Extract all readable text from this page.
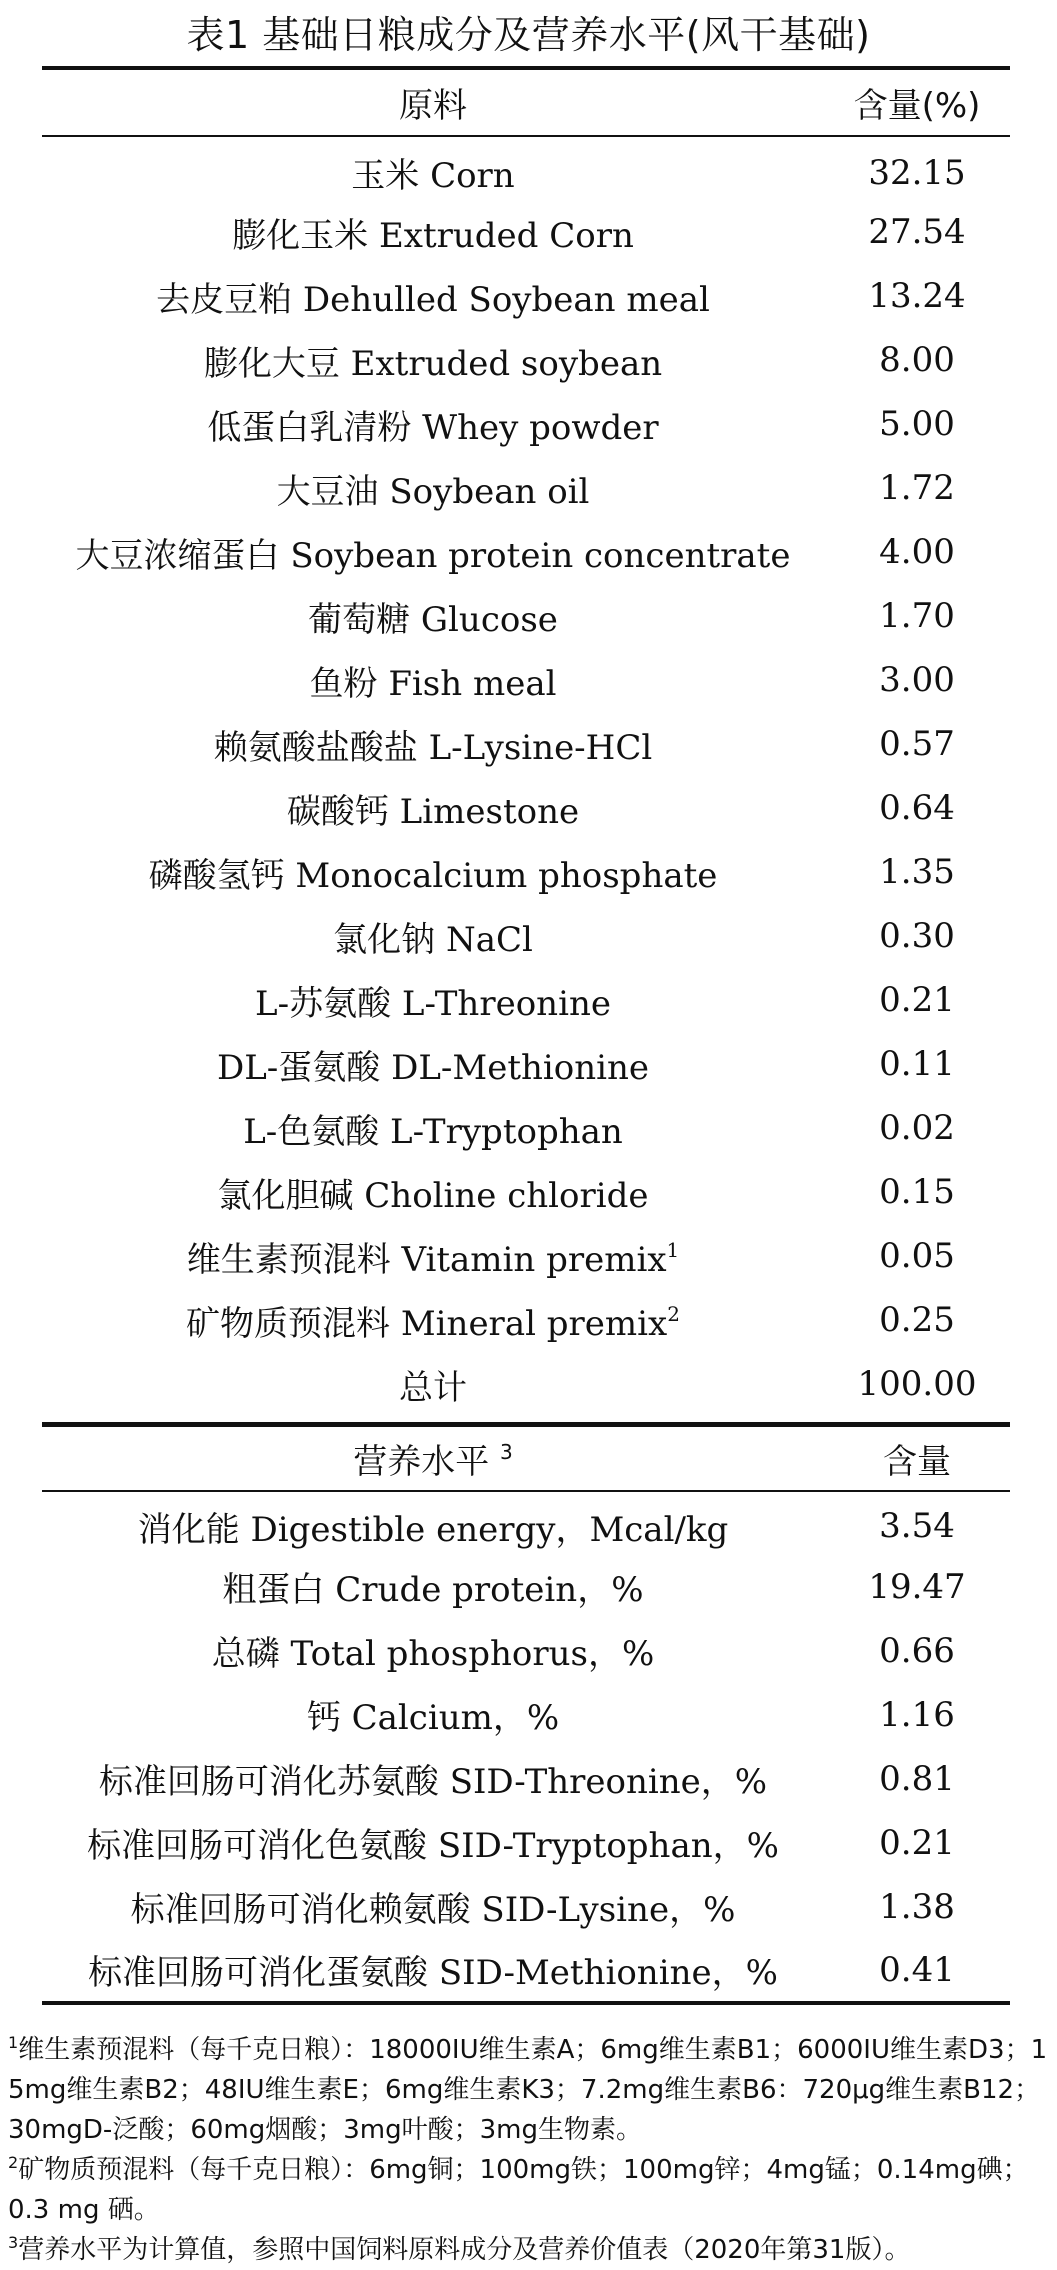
表1 基础日粮成分及营养水平(风干基础)
原料	含量(%)
玉米 Corn	32.15
膨化玉米 Extruded Corn	27.54
去皮豆粕 Dehulled Soybean meal	13.24
膨化大豆 Extruded soybean	8.00
低蛋白乳清粉 Whey powder	5.00
大豆油 Soybean oil	1.72
大豆浓缩蛋白 Soybean protein concentrate	4.00
葡萄糖 Glucose	1.70
鱼粉 Fish meal	3.00
赖氨酸盐酸盐 L-Lysine-HCl	0.57
碳酸钙 Limestone	0.64
磷酸氢钙 Monocalcium phosphate	1.35
氯化钠 NaCl	0.30
L-苏氨酸 L-Threonine	0.21
DL-蛋氨酸 DL-Methionine	0.11
L-色氨酸 L-Tryptophan	0.02
氯化胆碱 Choline chloride	0.15
维生素预混料 Vitamin premix$^1$	0.05
矿物质预混料 Mineral premix$^2$	0.25
总计	100.00
营养水平 $^3$	含量
消化能 Digestible energy，Mcal/kg	3.54
粗蛋白 Crude protein，%	19.47
总磷 Total phosphorus，%	0.66
钙 Calcium，%	1.16
标准回肠可消化苏氨酸 SID-Threonine，%	0.81
标准回肠可消化色氨酸 SID-Tryptophan，%	0.21
标准回肠可消化赖氨酸 SID-Lysine，%	1.38
标准回肠可消化蛋氨酸 SID-Methionine，%	0.41

$^1$维生素预混料（每千克日粮）：18000IU维生素A；6mg维生素B1；6000IU维生素D3；15mg维生素B2；48IU维生素E；6mg维生素K3；7.2mg维生素B6：720μg维生素B12；30mgD-泛酸；60mg烟酸；3mg叶酸；3mg生物素。

$^2$矿物质预混料（每千克日粮）：6mg铜；100mg铁；100mg锌；4mg锰；0.14mg碘；0.3 mg 硒。

$^3$营养水平为计算值，参照中国饲料原料成分及营养价值表（2020年第31版）。
